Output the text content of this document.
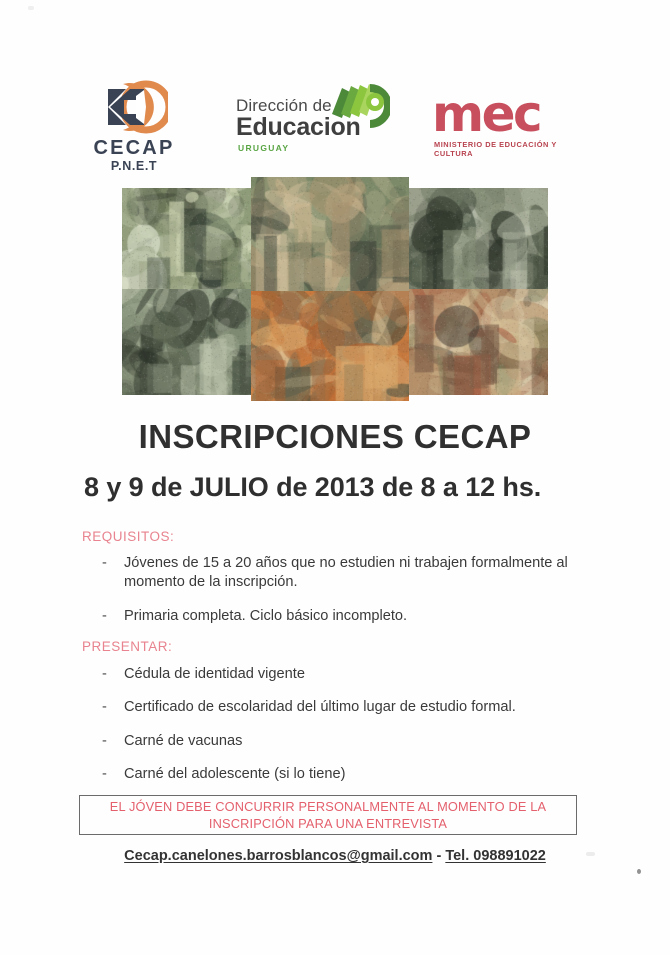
CECAP
P.N.E.T
Dirección de
Educacion
URUGUAY
mec
MINISTERIO DE EDUCACIÓN Y CULTURA
INSCRIPCIONES CECAP
8 y 9 de JULIO de 2013 de 8 a 12 hs.
REQUISITOS:
- Jóvenes de 15 a 20 años que no estudien ni trabajen formalmente al momento de la inscripción.
- Primaria completa. Ciclo básico incompleto.
PRESENTAR:
- Cédula de identidad vigente
- Certificado de escolaridad del último lugar de estudio formal.
- Carné de vacunas
- Carné del adolescente (si lo tiene)
EL JÓVEN DEBE CONCURRIR PERSONALMENTE AL MOMENTO DE LA
INSCRIPCIÓN PARA UNA ENTREVISTA
Cecap.canelones.barrosblancos@gmail.com - Tel. 098891022
